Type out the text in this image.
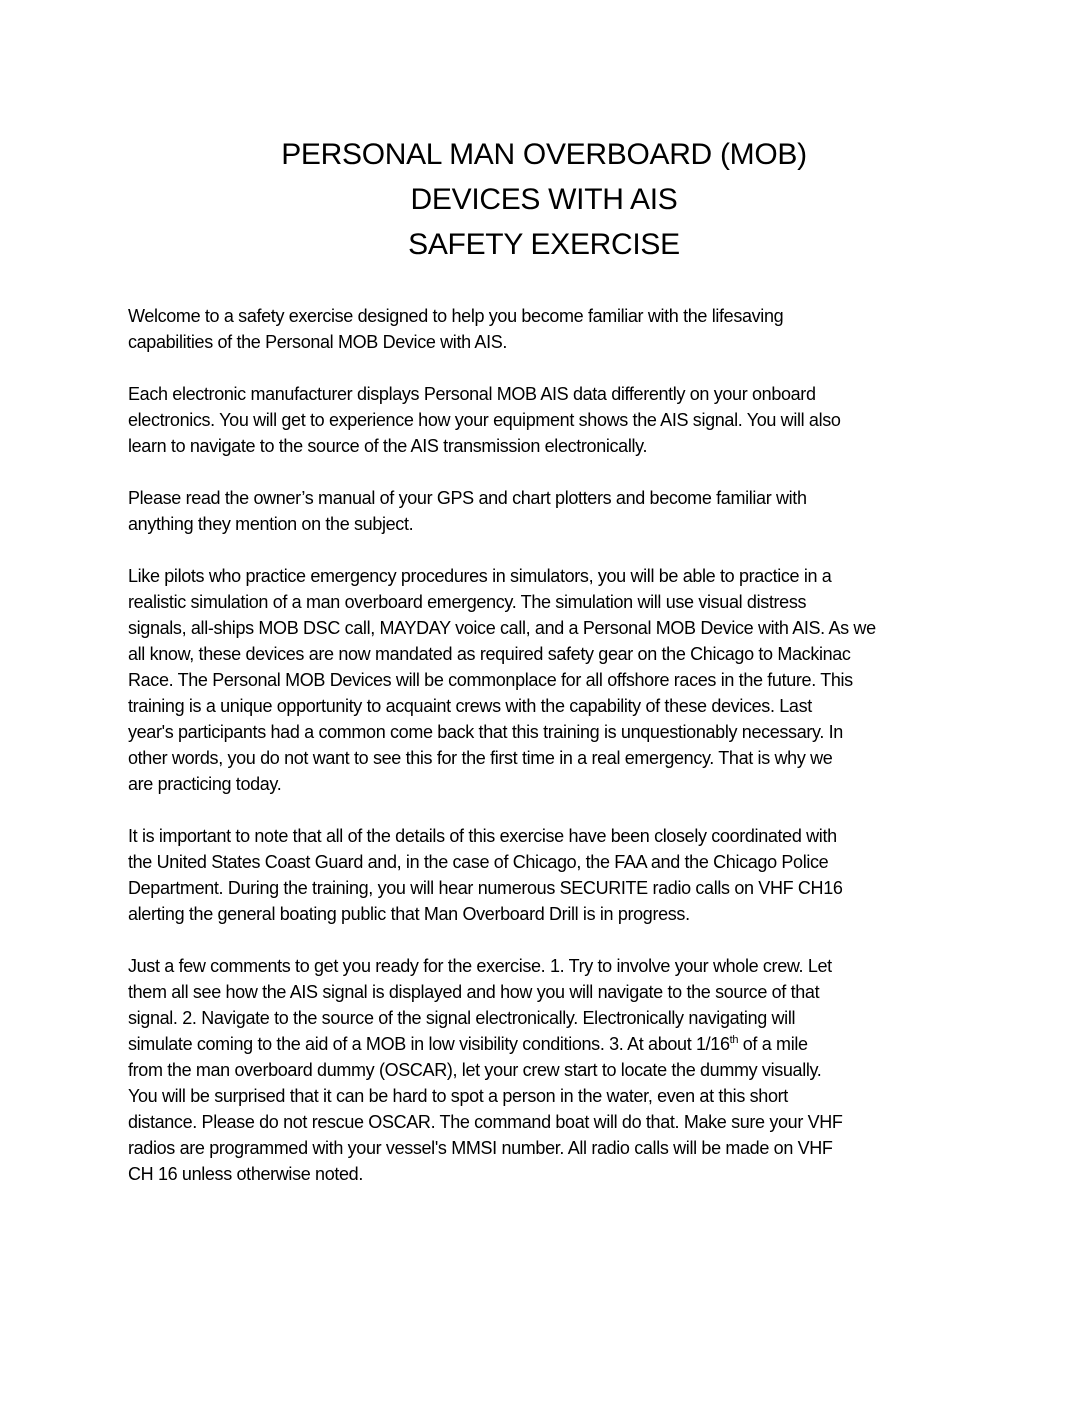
PERSONAL MAN OVERBOARD (MOB)
DEVICES WITH AIS
SAFETY EXERCISE

Welcome to a safety exercise designed to help you become familiar with the lifesaving
capabilities of the Personal MOB Device with AIS.

Each electronic manufacturer displays Personal MOB AIS data differently on your onboard
electronics. You will get to experience how your equipment shows the AIS signal. You will also
learn to navigate to the source of the AIS transmission electronically.

Please read the owner’s manual of your GPS and chart plotters and become familiar with
anything they mention on the subject.

Like pilots who practice emergency procedures in simulators, you will be able to practice in a
realistic simulation of a man overboard emergency. The simulation will use visual distress
signals, all-ships MOB DSC call, MAYDAY voice call, and a Personal MOB Device with AIS. As we
all know, these devices are now mandated as required safety gear on the Chicago to Mackinac
Race. The Personal MOB Devices will be commonplace for all offshore races in the future. This
training is a unique opportunity to acquaint crews with the capability of these devices. Last
year's participants had a common come back that this training is unquestionably necessary. In
other words, you do not want to see this for the first time in a real emergency. That is why we
are practicing today.

It is important to note that all of the details of this exercise have been closely coordinated with
the United States Coast Guard and, in the case of Chicago, the FAA and the Chicago Police
Department. During the training, you will hear numerous SECURITE radio calls on VHF CH16
alerting the general boating public that Man Overboard Drill is in progress.

Just a few comments to get you ready for the exercise. 1. Try to involve your whole crew. Let
them all see how the AIS signal is displayed and how you will navigate to the source of that
signal. 2. Navigate to the source of the signal electronically. Electronically navigating will
simulate coming to the aid of a MOB in low visibility conditions. 3. At about 1/16th of a mile
from the man overboard dummy (OSCAR), let your crew start to locate the dummy visually.
You will be surprised that it can be hard to spot a person in the water, even at this short
distance. Please do not rescue OSCAR. The command boat will do that. Make sure your VHF
radios are programmed with your vessel's MMSI number. All radio calls will be made on VHF
CH 16 unless otherwise noted.
